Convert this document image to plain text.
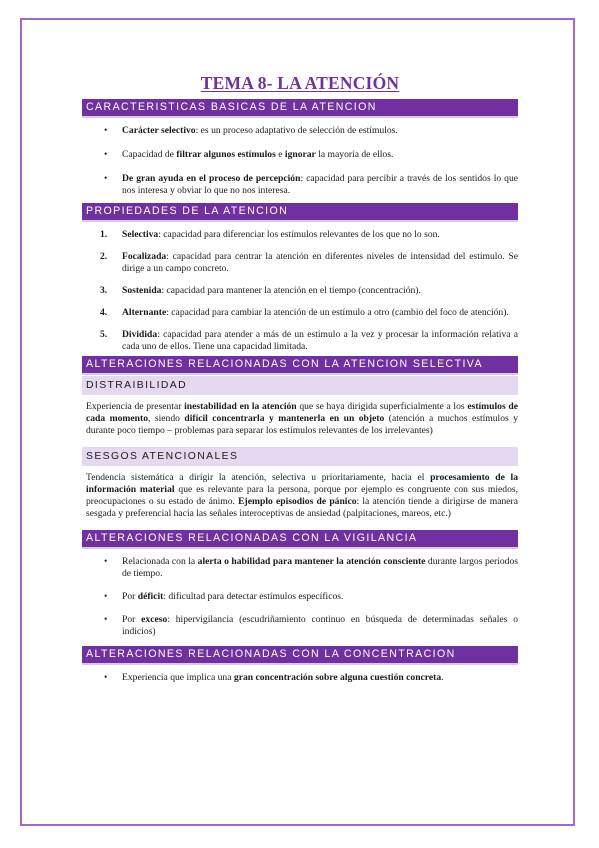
TEMA 8- LA ATENCIÓN
CARACTERISTICAS BASICAS DE LA ATENCION
• Carácter selectivo: es un proceso adaptativo de selección de estímulos.
• Capacidad de filtrar algunos estímulos e ignorar la mayoría de ellos.
• De gran ayuda en el proceso de percepción: capacidad para percibir a través de los sentidos lo que nos interesa y obviar lo que no nos interesa.
PROPIEDADES DE LA ATENCION
1. Selectiva: capacidad para diferenciar los estímulos relevantes de los que no lo son.
2. Focalizada: capacidad para centrar la atención en diferentes niveles de intensidad del estímulo. Se dirige a un campo concreto.
3. Sostenida: capacidad para mantener la atención en el tiempo (concentración).
4. Alternante: capacidad para cambiar la atención de un estímulo a otro (cambio del foco de atención).
5. Dividida: capacidad para atender a más de un estímulo a la vez y procesar la información relativa a cada uno de ellos. Tiene una capacidad limitada.
ALTERACIONES RELACIONADAS CON LA ATENCION SELECTIVA
DISTRAIBILIDAD

Experiencia de presentar inestabilidad en la atención que se haya dirigida superficialmente a los estímulos de cada momento, siendo difícil concentrarla y mantenerla en un objeto (atención a muchos estímulos y durante poco tiempo – problemas para separar los estímulos relevantes de los irrelevantes)

SESGOS ATENCIONALES

Tendencia sistemática a dirigir la atención, selectiva u prioritariamente, hacia el procesamiento de la información material que es relevante para la persona, porque por ejemplo es congruente con sus miedos, preocupaciones o su estado de ánimo. Ejemplo episodios de pánico: la atención tiende a dirigirse de manera sesgada y preferencial hacia las señales interoceptivas de ansiedad (palpitaciones, mareos, etc.)

ALTERACIONES RELACIONADAS CON LA VIGILANCIA
• Relacionada con la alerta o habilidad para mantener la atención consciente durante largos periodos de tiempo.
• Por déficit: dificultad para detectar estímulos específicos.
• Por exceso: hipervigilancia (escudriñamiento continuo en búsqueda de determinadas señales o indicios)
ALTERACIONES RELACIONADAS CON LA CONCENTRACION
• Experiencia que implica una gran concentración sobre alguna cuestión concreta.
